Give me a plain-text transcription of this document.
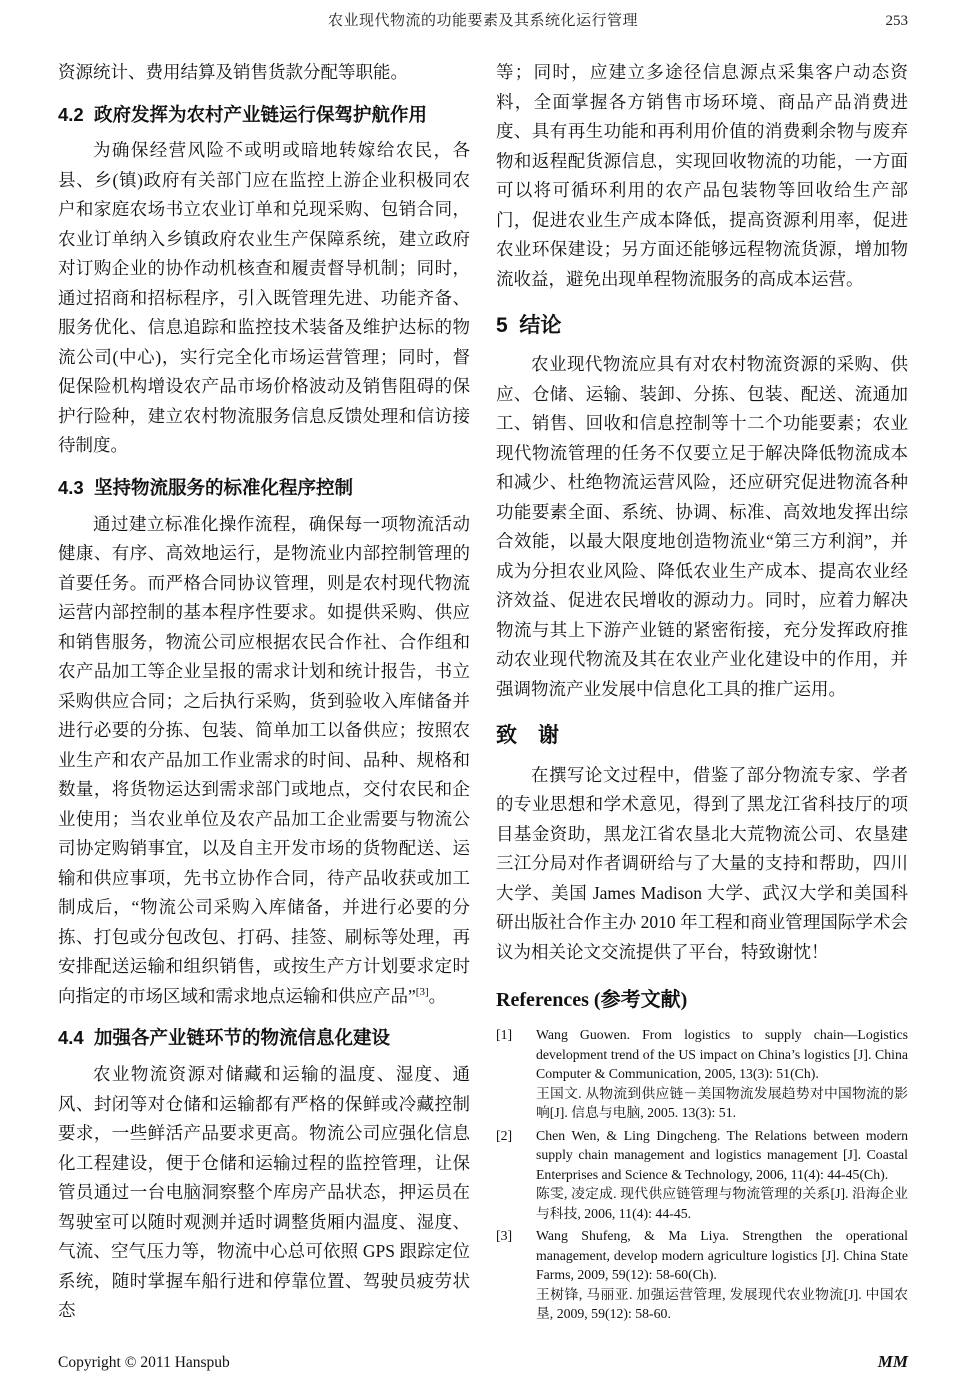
农业现代物流的功能要素及其系统化运行管理	253

资源统计、费用结算及销售货款分配等职能。

4.2  政府发挥为农村产业链运行保驾护航作用

为确保经营风险不或明或暗地转嫁给农民，各县、乡(镇)政府有关部门应在监控上游企业积极同农户和家庭农场书立农业订单和兑现采购、包销合同，农业订单纳入乡镇政府农业生产保障系统，建立政府对订购企业的协作动机核查和履责督导机制；同时，通过招商和招标程序，引入既管理先进、功能齐备、服务优化、信息追踪和监控技术装备及维护达标的物流公司(中心)，实行完全化市场运营管理；同时，督促保险机构增设农产品市场价格波动及销售阻碍的保护行险种，建立农村物流服务信息反馈处理和信访接待制度。

4.3  坚持物流服务的标准化程序控制

通过建立标准化操作流程，确保每一项物流活动健康、有序、高效地运行，是物流业内部控制管理的首要任务。而严格合同协议管理，则是农村现代物流运营内部控制的基本程序性要求。如提供采购、供应和销售服务，物流公司应根据农民合作社、合作组和农产品加工等企业呈报的需求计划和统计报告，书立采购供应合同；之后执行采购，货到验收入库储备并进行必要的分拣、包装、简单加工以备供应；按照农业生产和农产品加工作业需求的时间、品种、规格和数量，将货物运达到需求部门或地点，交付农民和企业使用；当农业单位及农产品加工企业需要与物流公司协定购销事宜，以及自主开发市场的货物配送、运输和供应事项，先书立协作合同，待产品收获或加工制成后，“物流公司采购入库储备，并进行必要的分拣、打包或分包改包、打码、挂签、刷标等处理，再安排配送运输和组织销售，或按生产方计划要求定时向指定的市场区域和需求地点运输和供应产品”[3]。

4.4  加强各产业链环节的物流信息化建设

农业物流资源对储藏和运输的温度、湿度、通风、封闭等对仓储和运输都有严格的保鲜或冷藏控制要求，一些鲜活产品要求更高。物流公司应强化信息化工程建设，便于仓储和运输过程的监控管理，让保管员通过一台电脑洞察整个库房产品状态，押运员在驾驶室可以随时观测并适时调整货厢内温度、湿度、气流、空气压力等，物流中心总可依照 GPS 跟踪定位系统，随时掌握车船行进和停靠位置、驾驶员疲劳状态

等；同时，应建立多途径信息源点采集客户动态资料，全面掌握各方销售市场环境、商品产品消费进度、具有再生功能和再利用价值的消费剩余物与废弃物和返程配货源信息，实现回收物流的功能，一方面可以将可循环利用的农产品包装物等回收给生产部门，促进农业生产成本降低，提高资源利用率，促进农业环保建设；另方面还能够远程物流货源，增加物流收益，避免出现单程物流服务的高成本运营。

5  结论

农业现代物流应具有对农村物流资源的采购、供应、仓储、运输、装卸、分拣、包装、配送、流通加工、销售、回收和信息控制等十二个功能要素；农业现代物流管理的任务不仅要立足于解决降低物流成本和减少、杜绝物流运营风险，还应研究促进物流各种功能要素全面、系统、协调、标准、高效地发挥出综合效能，以最大限度地创造物流业“第三方利润”，并成为分担农业风险、降低农业生产成本、提高农业经济效益、促进农民增收的源动力。同时，应着力解决物流与其上下游产业链的紧密衔接，充分发挥政府推动农业现代物流及其在农业产业化建设中的作用，并强调物流产业发展中信息化工具的推广运用。

致　谢

在撰写论文过程中，借鉴了部分物流专家、学者的专业思想和学术意见，得到了黑龙江省科技厅的项目基金资助，黑龙江省农垦北大荒物流公司、农垦建三江分局对作者调研给与了大量的支持和帮助，四川大学、美国 James Madison 大学、武汉大学和美国科研出版社合作主办 2010 年工程和商业管理国际学术会议为相关论文交流提供了平台，特致谢忱！

References (参考文献)
[1]	Wang Guowen. From logistics to supply chain—Logistics development trend of the US impact on China’s logistics [J]. China Computer & Communication, 2005, 13(3): 51(Ch).
王国文. 从物流到供应链－美国物流发展趋势对中国物流的影响[J]. 信息与电脑, 2005. 13(3): 51.
[2]	Chen Wen, & Ling Dingcheng. The Relations between modern supply chain management and logistics management [J]. Coastal Enterprises and Science & Technology, 2006, 11(4): 44-45(Ch).
陈雯, 凌定成. 现代供应链管理与物流管理的关系[J]. 沿海企业与科技, 2006, 11(4): 44-45.
[3]	Wang Shufeng, & Ma Liya. Strengthen the operational management, develop modern agriculture logistics [J]. China State Farms, 2009, 59(12): 58-60(Ch).
王树锋, 马丽亚. 加强运营管理, 发展现代农业物流[J]. 中国农垦, 2009, 59(12): 58-60.
Copyright © 2011 Hanspub	MM
